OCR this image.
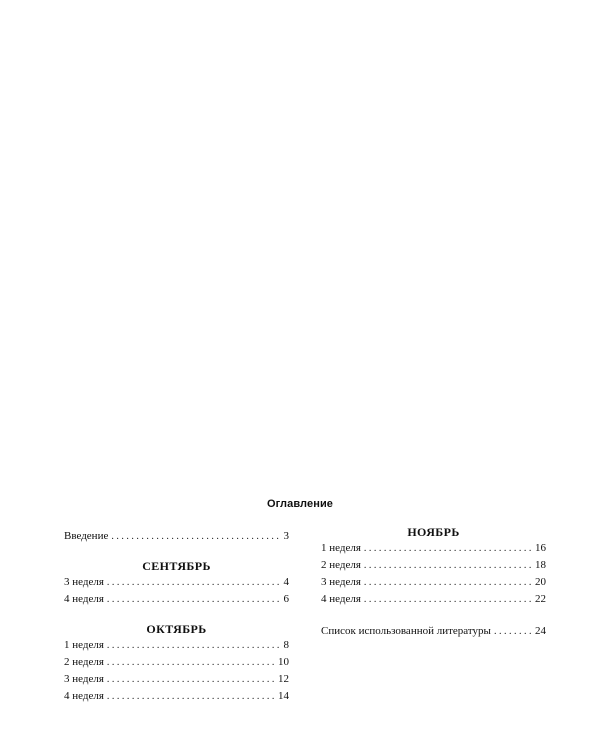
Оглавление
Введение . . .	3
СЕНТЯБРЬ
3 неделя . . .	4
4 неделя . . .	6
ОКТЯБРЬ
1 неделя . . .	8
2 неделя . . .	10
3 неделя . . .	12
4 неделя . . .	14
НОЯБРЬ
1 неделя . . .	16
2 неделя . . .	18
3 неделя . . .	20
4 неделя . . .	22
Список использованной литературы . . .	24
